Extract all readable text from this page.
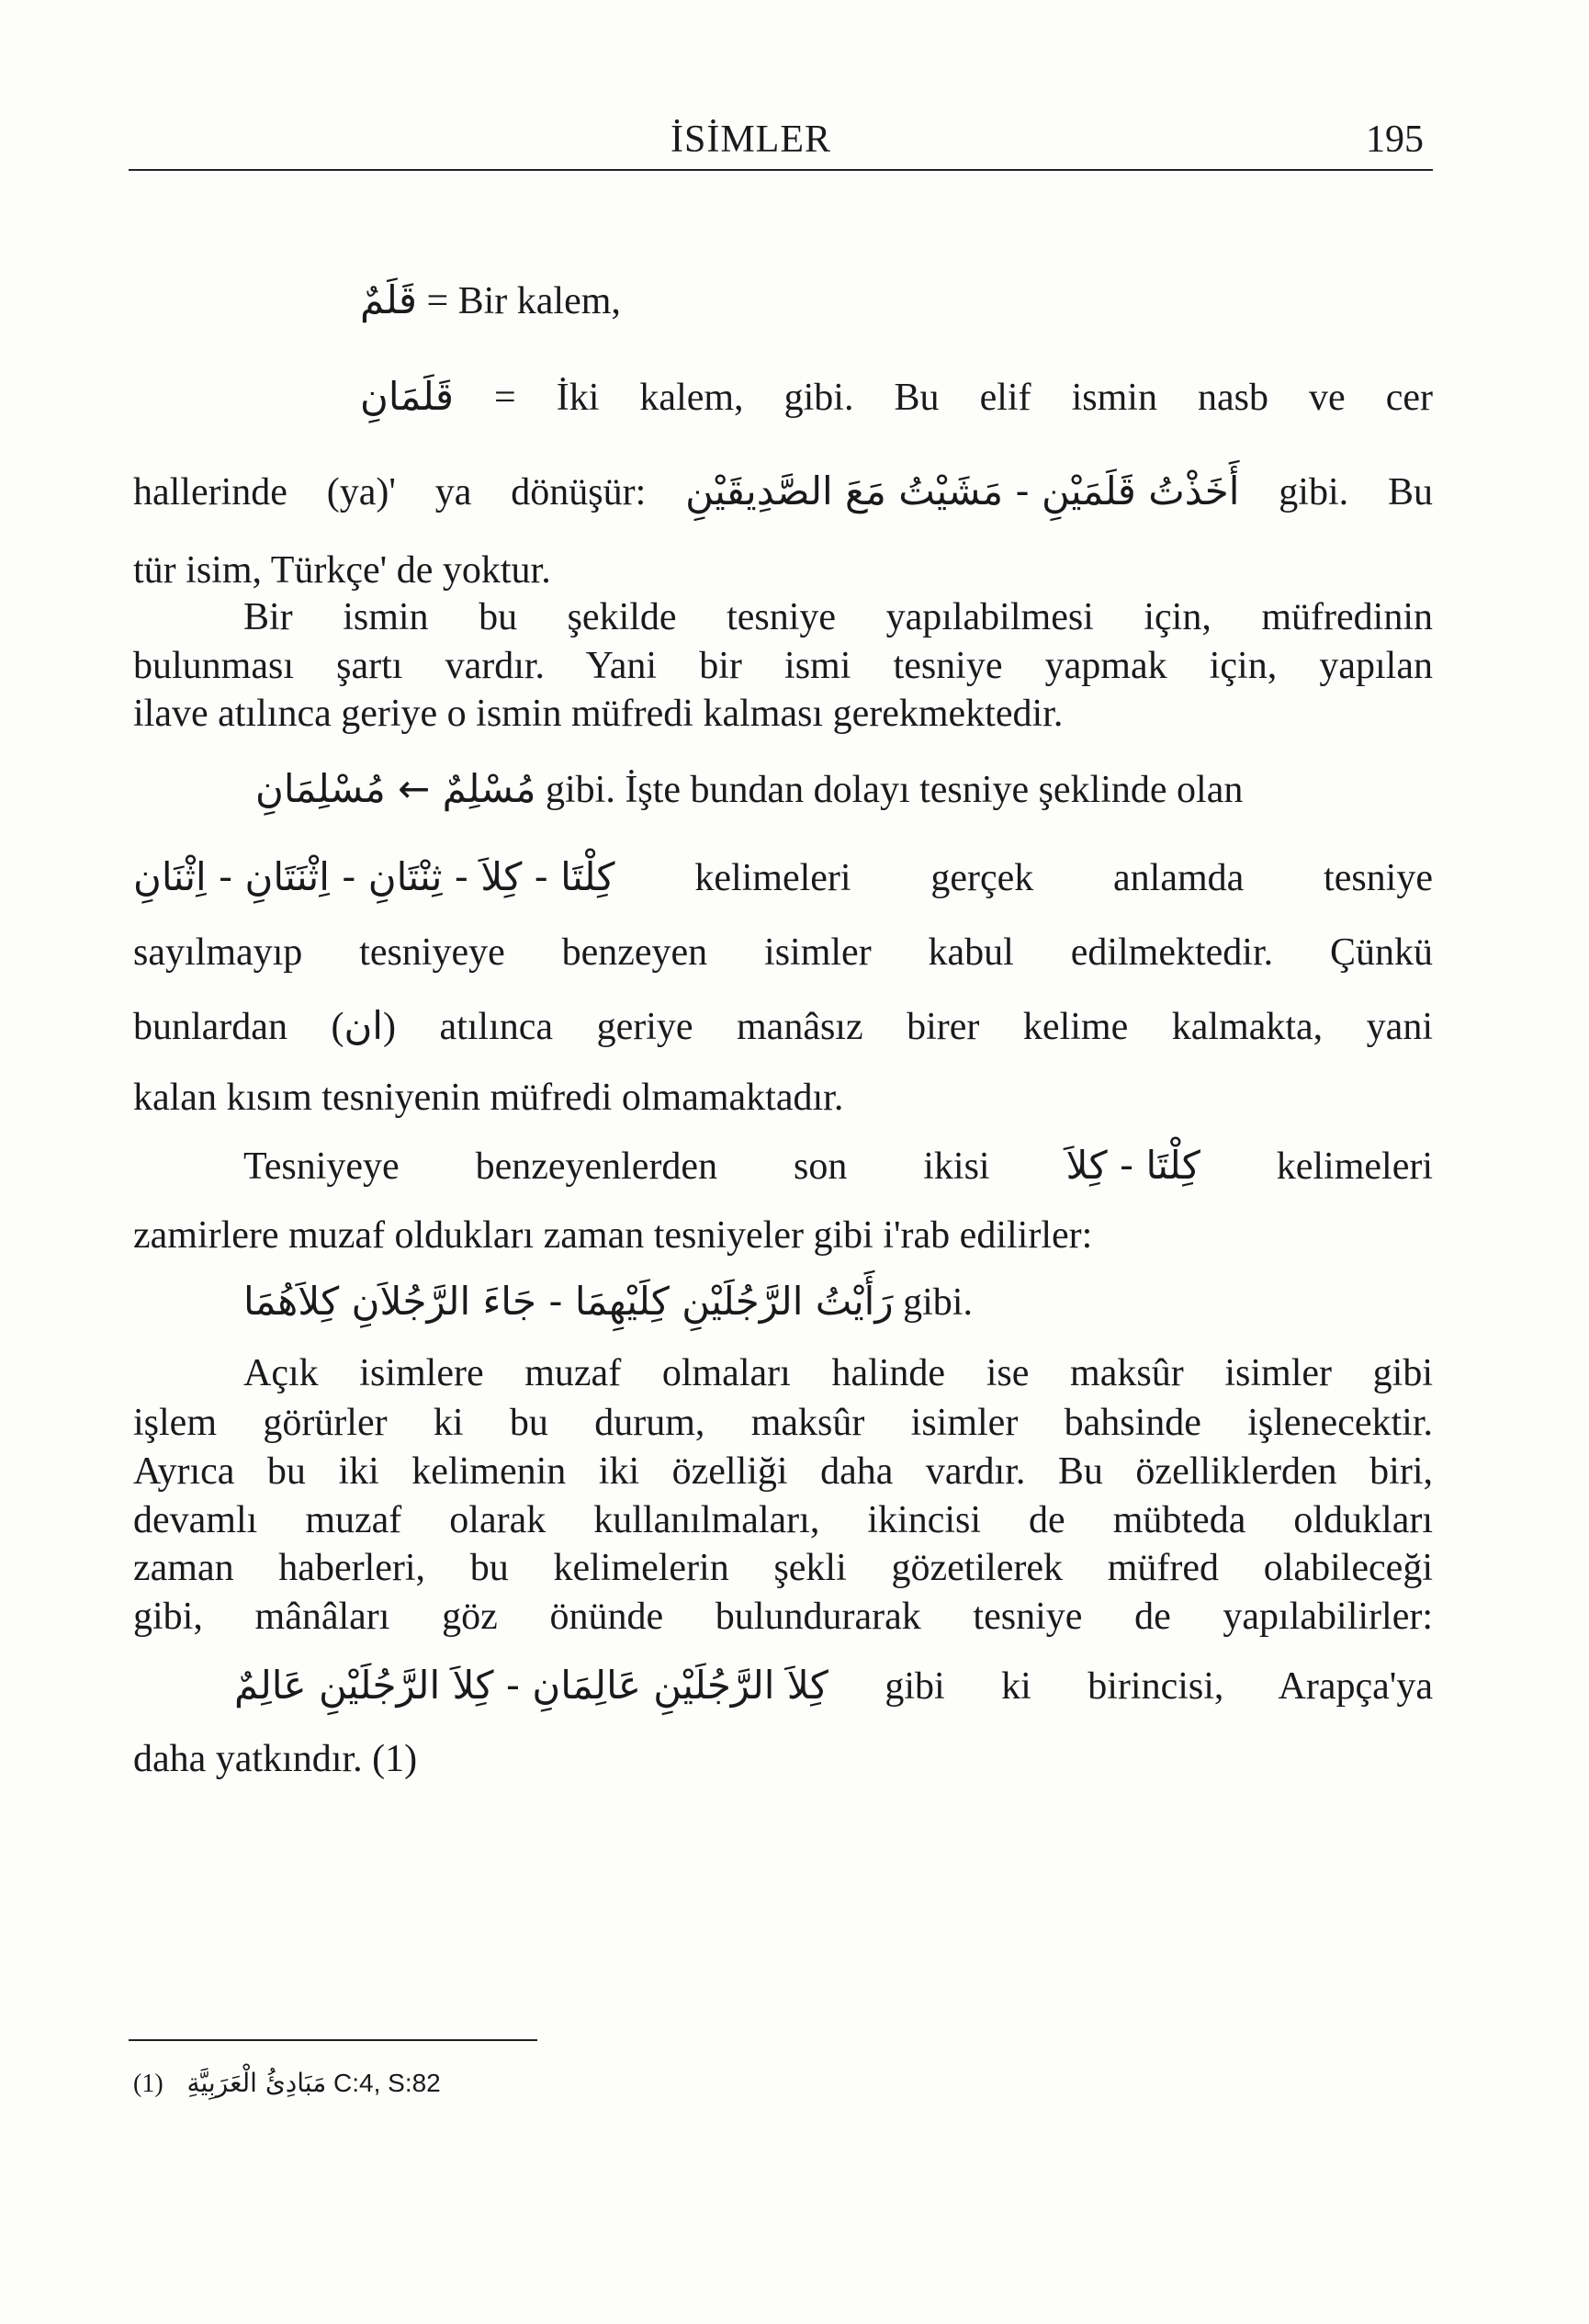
İSİMLER	195
قَلَمٌ = Bir kalem,
قَلَمَانِ = İki kalem, gibi. Bu elif ismin nasb ve cer
hallerinde (ya)' ya dönüşür: أَخَذْتُ قَلَمَيْنِ - مَشَيْتُ مَعَ الصَّدِيقَيْنِ gibi. Bu
tür isim, Türkçe' de yoktur.
Bir ismin bu şekilde tesniye yapılabilmesi için, müfredinin
bulunması şartı vardır. Yani bir ismi tesniye yapmak için, yapılan
ilave atılınca geriye o ismin müfredi kalması gerekmektedir.
مُسْلِمٌ ← مُسْلِمَانِ gibi. İşte bundan dolayı tesniye şeklinde olan
كِلْتَا - كِلاَ - ثِنْتَانِ - اِثْنَتَانِ - اِثْنَانِ kelimeleri gerçek anlamda tesniye
sayılmayıp tesniyeye benzeyen isimler kabul edilmektedir. Çünkü
bunlardan (ان) atılınca geriye manâsız birer kelime kalmakta, yani
kalan kısım tesniyenin müfredi olmamaktadır.
Tesniyeye benzeyenlerden son ikisi كِلْتَا - كِلاَ kelimeleri
zamirlere muzaf oldukları zaman tesniyeler gibi i'rab edilirler:
رَأَيْتُ الرَّجُلَيْنِ كِلَيْهِمَا - جَاءَ الرَّجُلاَنِ كِلاَهُمَا gibi.
Açık isimlere muzaf olmaları halinde ise maksûr isimler gibi
işlem görürler ki bu durum, maksûr isimler bahsinde işlenecektir.
Ayrıca bu iki kelimenin iki özelliği daha vardır. Bu özelliklerden biri,
devamlı muzaf olarak kullanılmaları, ikincisi de mübteda oldukları
zaman haberleri, bu kelimelerin şekli gözetilerek müfred olabileceği
gibi, mânâları göz önünde bulundurarak tesniye de yapılabilirler:
كِلاَ الرَّجُلَيْنِ عَالِمَانِ - كِلاَ الرَّجُلَيْنِ عَالِمٌ gibi ki birincisi, Arapça'ya
daha yatkındır. (1)
(1) مَبَادِئُ الْعَرَبِيَّةِ C:4, S:82
